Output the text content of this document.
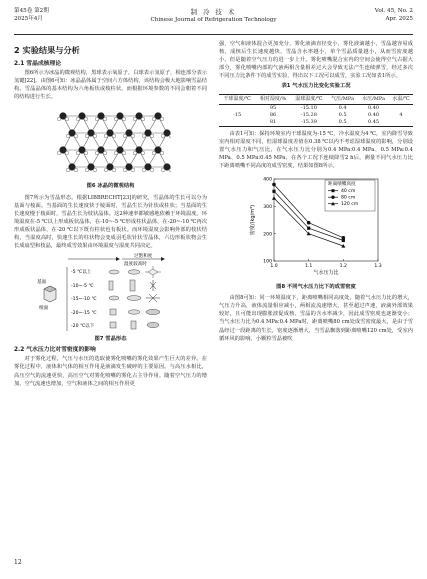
第45卷 第2期
2025年4月
制 冷 技 术
Chinese Journal of Refrigeration Technology
Vol. 45, No. 2
Apr. 2025
2 实验结果与分析
2.1 雪晶成核理论

图6所示为冰晶的微观结构，黑球表示氧原子，白球表示氢原子，相连部分表示氢键[22]。由图6可知：冰晶晶体属于空间六方体结构，该结构会极大地影响雪晶结构。雪晶晶体的基本结构为六角板状或棱柱状，而根据环境参数的不同会朝着不同的结构进行生长。

图6 冰晶的微观结构

图7所示为雪晶形态。根据LIBBRECHT[23]的研究，雪晶体的生长可以分为基面与棱面。当基面的生长速度快于棱面时，雪晶生长为针状或柱状；当基面的生长速度慢于棱面时，雪晶生长为枝状晶体。这2种速率都敏感地依赖于环境温度。环境温度在-5 ℃以上形成板状晶体，在-10~-5 ℃形成柱状晶体，在-20~-10 ℃再次形成板状晶体，在-20 ℃以下既有柱状也有板状。而环境湿度会影响外部的枝状结构，当湿度高时，快速生长的柱状物会变成羽毛状针状雪晶体，六边形板状物会生长成扇型和枝晶，最终成雪效果由环境温度与湿度共同决定。

过饱和度
湿度较高时
基面
棱面
-5 ℃以上
-10~-5 ℃
-15~-10 ℃
-20~-15 ℃
-20 ℃以下
图7 雪晶形态
2.2 气水压力比对雪密度的影响

对于雾化过程，气压与水压的选取使雾化喷嘴的雾化效果产生巨大的差异。在雾化过程中，液体和气体的相互作用是液滴发生破碎的主要原因。与高压水相比，高压空气的流速更快，高压空气对雾化喷嘴的雾化占主导作用。随着空气压力的增加，空气流速也增加，空气和液体之间的相互作用更

强，空气和液体混合更加充分，雾化液滴直径变小，雾化液滴越小，雪晶越容易成核，成核后生长速度越快，雪晶含水率越小，单个雪晶质量越小，从而雪密度越小。但是随着空气压力的进一步上升，雾化喷嘴混合室内的空间会使得空气占据大部分，雾化喷嘴内部的气液两相含量相差过大会导致无法产生连续弹雪，经过多次不同压力比条件下的成雪实验，得出以下工况可以成雪，实验工况如表1所示。

表1 气水压力比变化实验工况
干球温度/℃	相对湿度/%	湿球温度/℃	气压/MPa	水压/MPa	水温/℃
	95	-15.10	0.4	0.40	
-15	86	-15.28	0.5	0.40	4
	81	-15.39	0.5	0.45	

由表1可知：保持环境室内干球温度为-15 ℃，冷水温度为4 ℃，室内降雪导致室内相对湿度不同，但湿球温度差值在0.38 ℃以内不考虑湿球温度的影响，分别设置气水压力和气压比，在气水压力比分别为0.4 MPa:0.4 MPa、0.5 MPa:0.4 MPa、0.5 MPa:0.45 MPa，在各个工况下连续降雪2 h后，测量不同气水压力比下距离喷嘴不同高度的成雪密度，结果如图8所示。

100
200
300
400
1.0	1.1	1.2	1.3
气水压力比
密度/(kg/m³)
距离喷嘴高度
40 cm
80 cm
120 cm
图8 不同气水压力比下的成雪密度

由图8可知：同一环境温度下，距离喷嘴相同高度处，随着气水压力比的增大，气压力升高，液体流量相应减小，两相流流速增大，甚至超过声速，液滴外部效果较好，且可能出现膨胀波促成核，雪晶的含水率减少，因此成雪密度也逐渐变小；当气水压力比为0.4 MPa:0.4 MPa时，距离喷嘴80 cm处成雪密度最大，是由于雪晶经过一段距离的生长，密度逐渐增大，当雪晶飘落到距离喷嘴120 cm处，受室内循环风的影响，小颗粒雪晶被吹

12
